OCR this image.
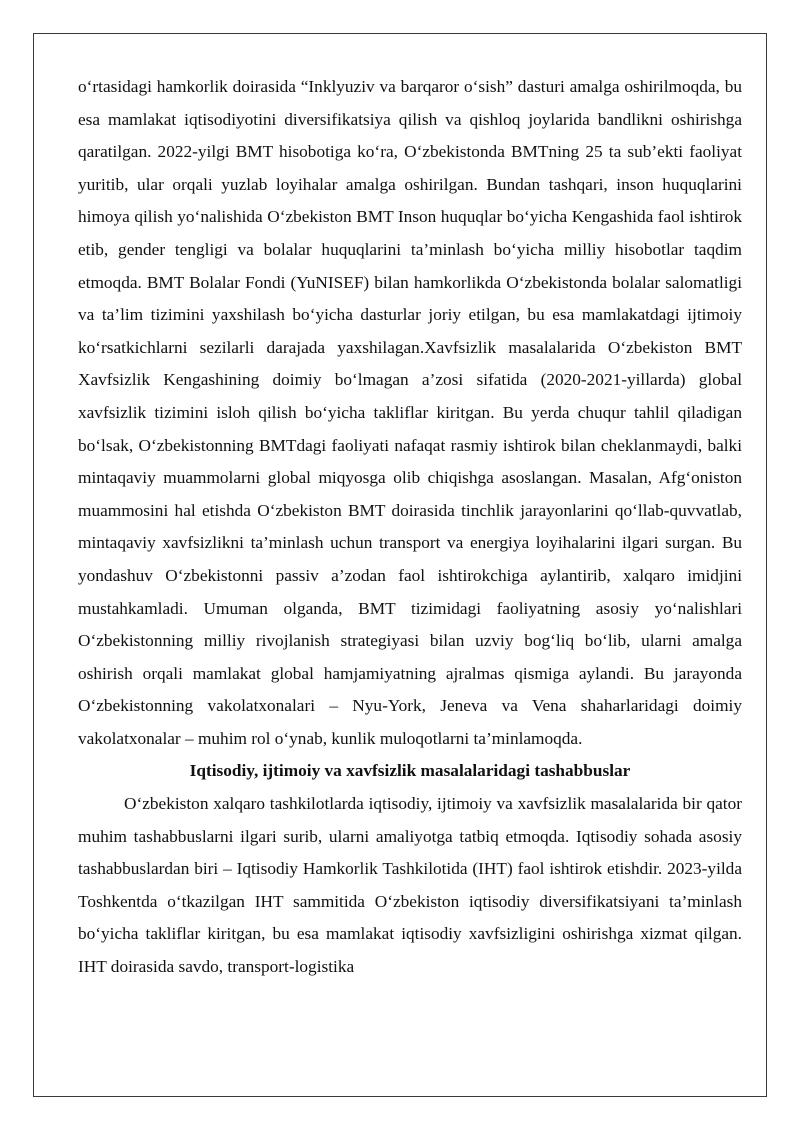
o‘rtasidagi hamkorlik doirasida “Inklyuziv va barqaror o‘sish” dasturi amalga oshirilmoqda, bu esa mamlakat iqtisodiyotini diversifikatsiya qilish va qishloq joylarida bandlikni oshirishga qaratilgan. 2022-yilgi BMT hisobotiga ko‘ra, O‘zbekistonda BMTning 25 ta sub’ekti faoliyat yuritib, ular orqali yuzlab loyihalar amalga oshirilgan. Bundan tashqari, inson huquqlarini himoya qilish yo‘nalishida O‘zbekiston BMT Inson huquqlar bo‘yicha Kengashida faol ishtirok etib, gender tengligi va bolalar huquqlarini ta’minlash bo‘yicha milliy hisobotlar taqdim etmoqda. BMT Bolalar Fondi (YuNISEF) bilan hamkorlikda O‘zbekistonda bolalar salomatligi va ta’lim tizimini yaxshilash bo‘yicha dasturlar joriy etilgan, bu esa mamlakatdagi ijtimoiy ko‘rsatkichlarni sezilarli darajada yaxshilagan.Xavfsizlik masalalarida O‘zbekiston BMT Xavfsizlik Kengashining doimiy bo‘lmagan a’zosi sifatida (2020-2021-yillarda) global xavfsizlik tizimini isloh qilish bo‘yicha takliflar kiritgan. Bu yerda chuqur tahlil qiladigan bo‘lsak, O‘zbekistonning BMTdagi faoliyati nafaqat rasmiy ishtirok bilan cheklanmaydi, balki mintaqaviy muammolarni global miqyosga olib chiqishga asoslangan. Masalan, Afg‘oniston muammosini hal etishda O‘zbekiston BMT doirasida tinchlik jarayonlarini qo‘llab-quvvatlab, mintaqaviy xavfsizlikni ta’minlash uchun transport va energiya loyihalarini ilgari surgan. Bu yondashuv O‘zbekistonni passiv a’zodan faol ishtirokchiga aylantirib, xalqaro imidjini mustahkamladi. Umuman olganda, BMT tizimidagi faoliyatning asosiy yo‘nalishlari O‘zbekistonning milliy rivojlanish strategiyasi bilan uzviy bog‘liq bo‘lib, ularni amalga oshirish orqali mamlakat global hamjamiyatning ajralmas qismiga aylandi. Bu jarayonda O‘zbekistonning vakolatxonalari – Nyu-York, Jeneva va Vena shaharlaridagi doimiy vakolatxonalar – muhim rol o‘ynab, kunlik muloqotlarni ta’minlamoqda.

Iqtisodiy, ijtimoiy va xavfsizlik masalalaridagi tashabbuslar

O‘zbekiston xalqaro tashkilotlarda iqtisodiy, ijtimoiy va xavfsizlik masalalarida bir qator muhim tashabbuslarni ilgari surib, ularni amaliyotga tatbiq etmoqda. Iqtisodiy sohada asosiy tashabbuslardan biri – Iqtisodiy Hamkorlik Tashkilotida (IHT) faol ishtirok etishdir. 2023-yilda Toshkentda o‘tkazilgan IHT sammitida O‘zbekiston iqtisodiy diversifikatsiyani ta’minlash bo‘yicha takliflar kiritgan, bu esa mamlakat iqtisodiy xavfsizligini oshirishga xizmat qilgan. IHT doirasida savdo, transport-logistika
